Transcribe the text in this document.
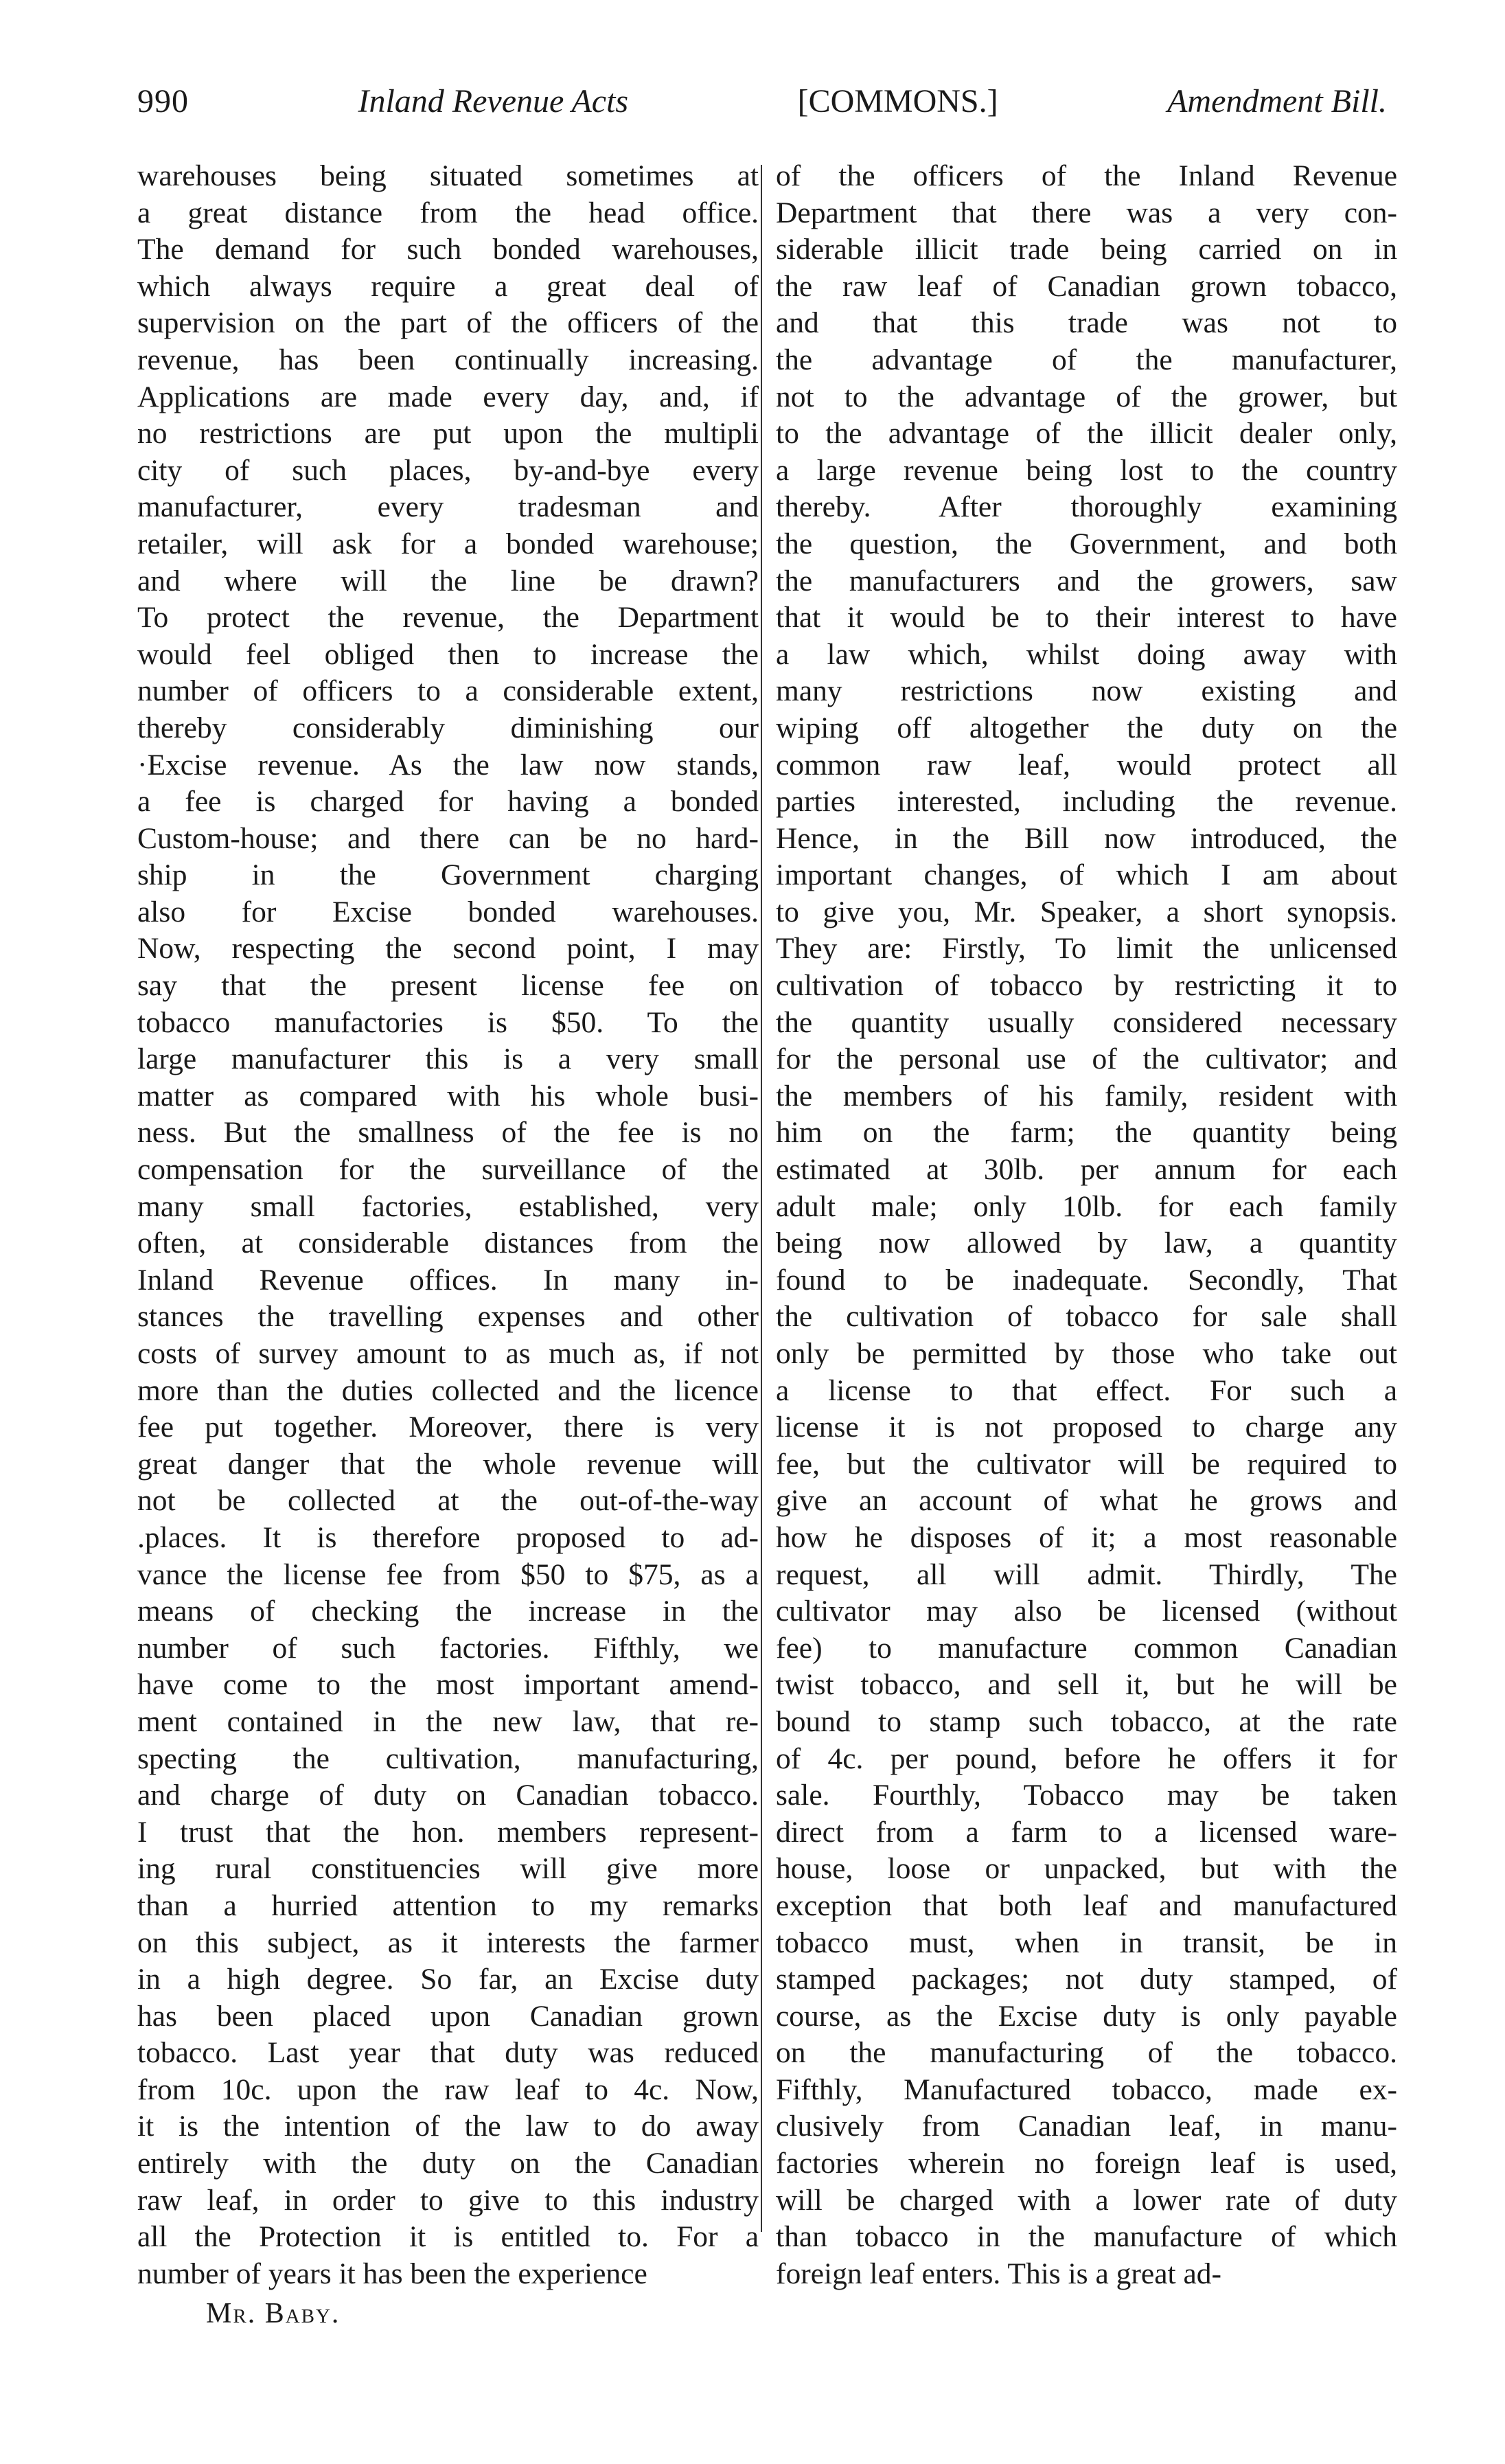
990	Inland Revenue Acts	[COMMONS.]	Amendment Bill.
warehouses being situated sometimes at
a great distance from the head office.
The demand for such bonded warehouses,
which always require a great deal of
supervision on the part of the officers of the
revenue, has been continually increasing.
Applications are made every day, and, if
no restrictions are put upon the multipli
city of such places, by-and-bye every
manufacturer, every tradesman and
retailer, will ask for a bonded warehouse;
and where will the line be drawn?
To protect the revenue, the Department
would feel obliged then to increase the
number of officers to a considerable extent,
thereby considerably diminishing our
·Excise revenue. As the law now stands,
a fee is charged for having a bonded
Custom-house; and there can be no hard-
ship in the Government charging
also for Excise bonded warehouses.
Now, respecting the second point, I may
say that the present license fee on
tobacco manufactories is $50. To the
large manufacturer this is a very small
matter as compared with his whole busi-
ness. But the smallness of the fee is no
compensation for the surveillance of the
many small factories, established, very
often, at considerable distances from the
Inland Revenue offices. In many in-
stances the travelling expenses and other
costs of survey amount to as much as, if not
more than the duties collected and the licence
fee put together. Moreover, there is very
great danger that the whole revenue will
not be collected at the out-of-the-way
.places. It is therefore proposed to ad-
vance the license fee from $50 to $75, as a
means of checking the increase in the
number of such factories. Fifthly, we
have come to the most important amend-
ment contained in the new law, that re-
specting the cultivation, manufacturing,
and charge of duty on Canadian tobacco.
I trust that the hon. members represent-
ing rural constituencies will give more
than a hurried attention to my remarks
on this subject, as it interests the farmer
in a high degree. So far, an Excise duty
has been placed upon Canadian grown
tobacco. Last year that duty was reduced
from 10c. upon the raw leaf to 4c. Now,
it is the intention of the law to do away
entirely with the duty on the Canadian
raw leaf, in order to give to this industry
all the Protection it is entitled to. For a
number of years it has been the experience
of the officers of the Inland Revenue
Department that there was a very con-
siderable illicit trade being carried on in
the raw leaf of Canadian grown tobacco,
and that this trade was not to
the advantage of the manufacturer,
not to the advantage of the grower, but
to the advantage of the illicit dealer only,
a large revenue being lost to the country
thereby. After thoroughly examining
the question, the Government, and both
the manufacturers and the growers, saw
that it would be to their interest to have
a law which, whilst doing away with
many restrictions now existing and
wiping off altogether the duty on the
common raw leaf, would protect all
parties interested, including the revenue.
Hence, in the Bill now introduced, the
important changes, of which I am about
to give you, Mr. Speaker, a short synopsis.
They are: Firstly, To limit the unlicensed
cultivation of tobacco by restricting it to
the quantity usually considered necessary
for the personal use of the cultivator; and
the members of his family, resident with
him on the farm; the quantity being
estimated at 30lb. per annum for each
adult male; only 10lb. for each family
being now allowed by law, a quantity
found to be inadequate. Secondly, That
the cultivation of tobacco for sale shall
only be permitted by those who take out
a license to that effect. For such a
license it is not proposed to charge any
fee, but the cultivator will be required to
give an account of what he grows and
how he disposes of it; a most reasonable
request, all will admit. Thirdly, The
cultivator may also be licensed (without
fee) to manufacture common Canadian
twist tobacco, and sell it, but he will be
bound to stamp such tobacco, at the rate
of 4c. per pound, before he offers it for
sale. Fourthly, Tobacco may be taken
direct from a farm to a licensed ware-
house, loose or unpacked, but with the
exception that both leaf and manufactured
tobacco must, when in transit, be in
stamped packages; not duty stamped, of
course, as the Excise duty is only payable
on the manufacturing of the tobacco.
Fifthly, Manufactured tobacco, made ex-
clusively from Canadian leaf, in manu-
factories wherein no foreign leaf is used,
will be charged with a lower rate of duty
than tobacco in the manufacture of which
foreign leaf enters. This is a great ad-
Mr. Baby.
